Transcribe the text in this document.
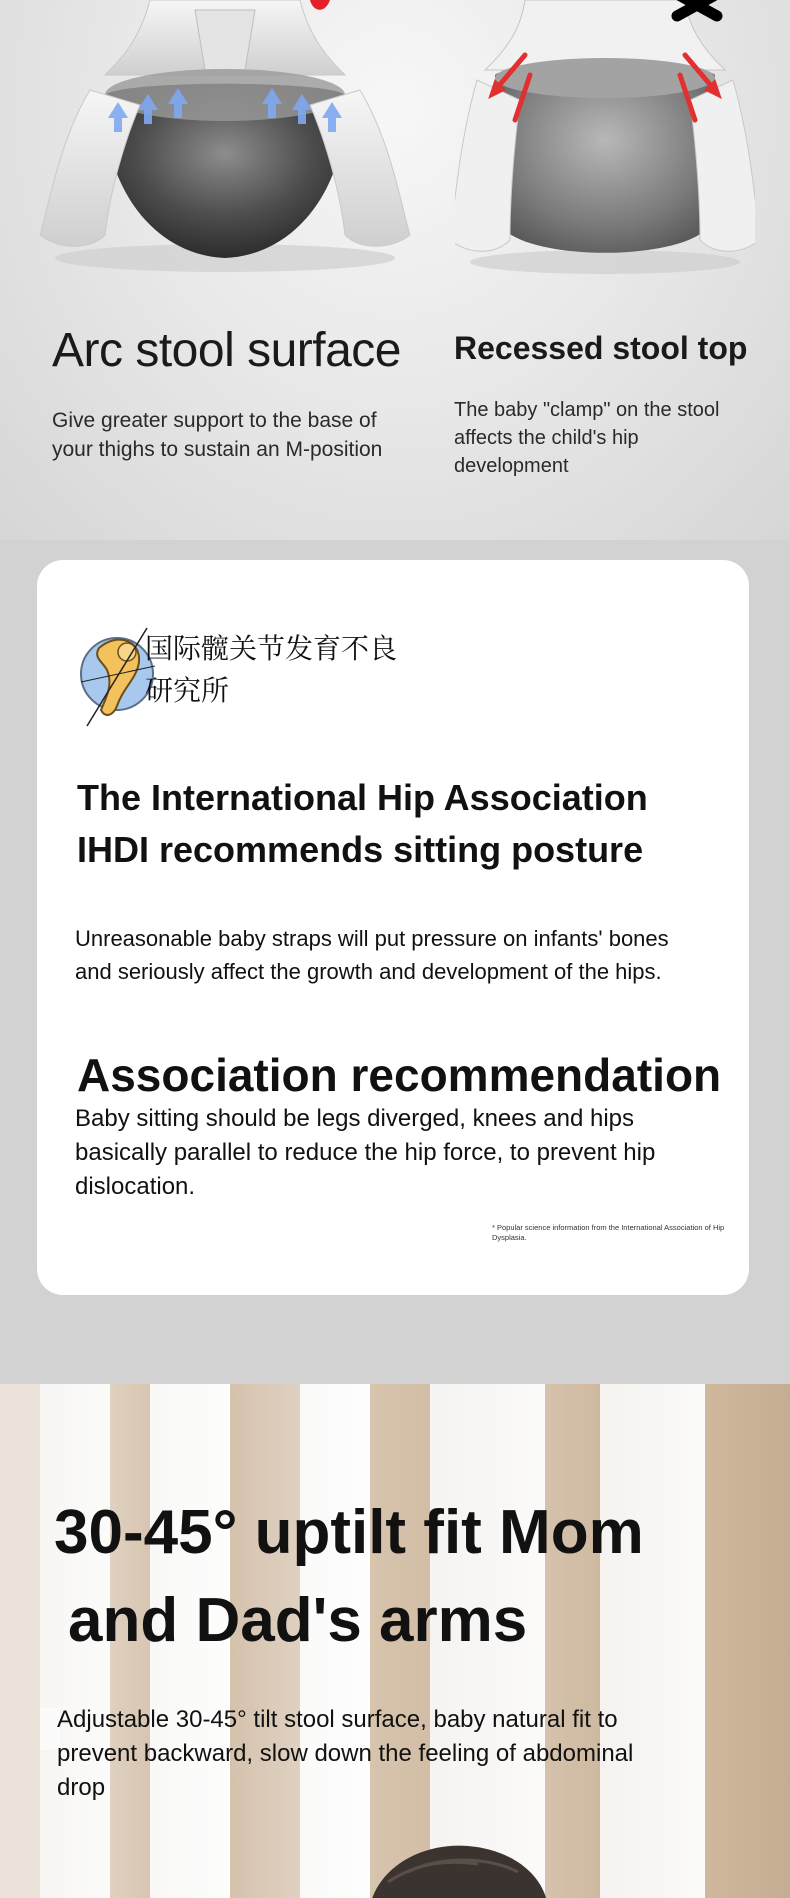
Arc stool surface

Give greater support to the base of your thighs to sustain an M-position

Recessed stool top

The baby "clamp" on the stool affects the child's hip development

国际髋关节发育不良研究所
The International Hip Association IHDI recommends sitting posture

Unreasonable baby straps will put pressure on infants' bones and seriously affect the growth and development of the hips.

Association recommendation

Baby sitting should be legs diverged, knees and hips basically parallel to reduce the hip force, to prevent hip dislocation.

* Popular science information from the International Association of Hip Dysplasia.

30-45° uptilt fit Mom
and Dad's arms

Adjustable 30-45° tilt stool surface, baby natural fit to prevent backward, slow down the feeling of abdominal drop
